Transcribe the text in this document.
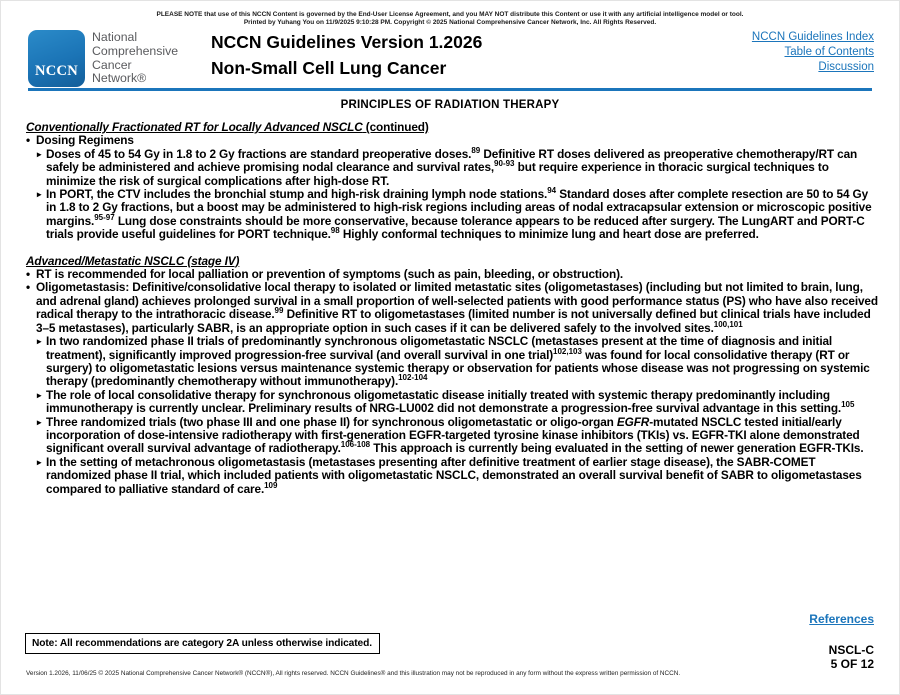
PLEASE NOTE that use of this NCCN Content is governed by the End-User License Agreement, and you MAY NOT distribute this Content or use it with any artificial intelligence model or tool.
Printed by Yuhang You on 11/9/2025 9:10:28 PM. Copyright © 2025 National Comprehensive Cancer Network, Inc. All Rights Reserved.
NCCN
National
Comprehensive
Cancer
Network®
NCCN Guidelines Version 1.2026
Non-Small Cell Lung Cancer
NCCN Guidelines Index
Table of Contents
Discussion
PRINCIPLES OF RADIATION THERAPY
Conventionally Fractionated RT for Locally Advanced NSCLC (continued)
• Dosing Regimens
▸ Doses of 45 to 54 Gy in 1.8 to 2 Gy fractions are standard preoperative doses.$^{89}$ Definitive RT doses delivered as preoperative chemotherapy/RT can safely be administered and achieve promising nodal clearance and survival rates,$^{90-93}$ but require experience in thoracic surgical techniques to minimize the risk of surgical complications after high-dose RT.
▸ In PORT, the CTV includes the bronchial stump and high-risk draining lymph node stations.$^{94}$ Standard doses after complete resection are 50 to 54 Gy in 1.8 to 2 Gy fractions, but a boost may be administered to high-risk regions including areas of nodal extracapsular extension or microscopic positive margins.$^{95-97}$ Lung dose constraints should be more conservative, because tolerance appears to be reduced after surgery. The LungART and PORT-C trials provide useful guidelines for PORT technique.$^{98}$ Highly conformal techniques to minimize lung and heart dose are preferred.
Advanced/Metastatic NSCLC (stage IV)
• RT is recommended for local palliation or prevention of symptoms (such as pain, bleeding, or obstruction).
• Oligometastasis: Definitive/consolidative local therapy to isolated or limited metastatic sites (oligometastases) (including but not limited to brain, lung, and adrenal gland) achieves prolonged survival in a small proportion of well-selected patients with good performance status (PS) who have also received radical therapy to the intrathoracic disease.$^{99}$ Definitive RT to oligometastases (limited number is not universally defined but clinical trials have included 3–5 metastases), particularly SABR, is an appropriate option in such cases if it can be delivered safely to the involved sites.$^{100,101}$
▸ In two randomized phase II trials of predominantly synchronous oligometastatic NSCLC (metastases present at the time of diagnosis and initial treatment), significantly improved progression-free survival (and overall survival in one trial)$^{102,103}$ was found for local consolidative therapy (RT or surgery) to oligometastatic lesions versus maintenance systemic therapy or observation for patients whose disease was not progressing on systemic therapy (predominantly chemotherapy without immunotherapy).$^{102-104}$
▸ The role of local consolidative therapy for synchronous oligometastatic disease initially treated with systemic therapy predominantly including immunotherapy is currently unclear. Preliminary results of NRG-LU002 did not demonstrate a progression-free survival advantage in this setting.$^{105}$
▸ Three randomized trials (two phase III and one phase II) for synchronous oligometastatic or oligo-organ EGFR-mutated NSCLC tested initial/early incorporation of dose-intensive radiotherapy with first-generation EGFR-targeted tyrosine kinase inhibitors (TKIs) vs. EGFR-TKI alone demonstrated significant overall survival advantage of radiotherapy.$^{106-108}$ This approach is currently being evaluated in the setting of newer generation EGFR-TKIs.
▸ In the setting of metachronous oligometastasis (metastases presenting after definitive treatment of earlier stage disease), the SABR-COMET randomized phase II trial, which included patients with oligometastatic NSCLC, demonstrated an overall survival benefit of SABR to oligometastases compared to palliative standard of care.$^{109}$
References
Note: All recommendations are category 2A unless otherwise indicated.	NSCL-C
5 OF 12
Version 1.2026, 11/06/25 © 2025 National Comprehensive Cancer Network® (NCCN®), All rights reserved. NCCN Guidelines® and this illustration may not be reproduced in any form without the express written permission of NCCN.
